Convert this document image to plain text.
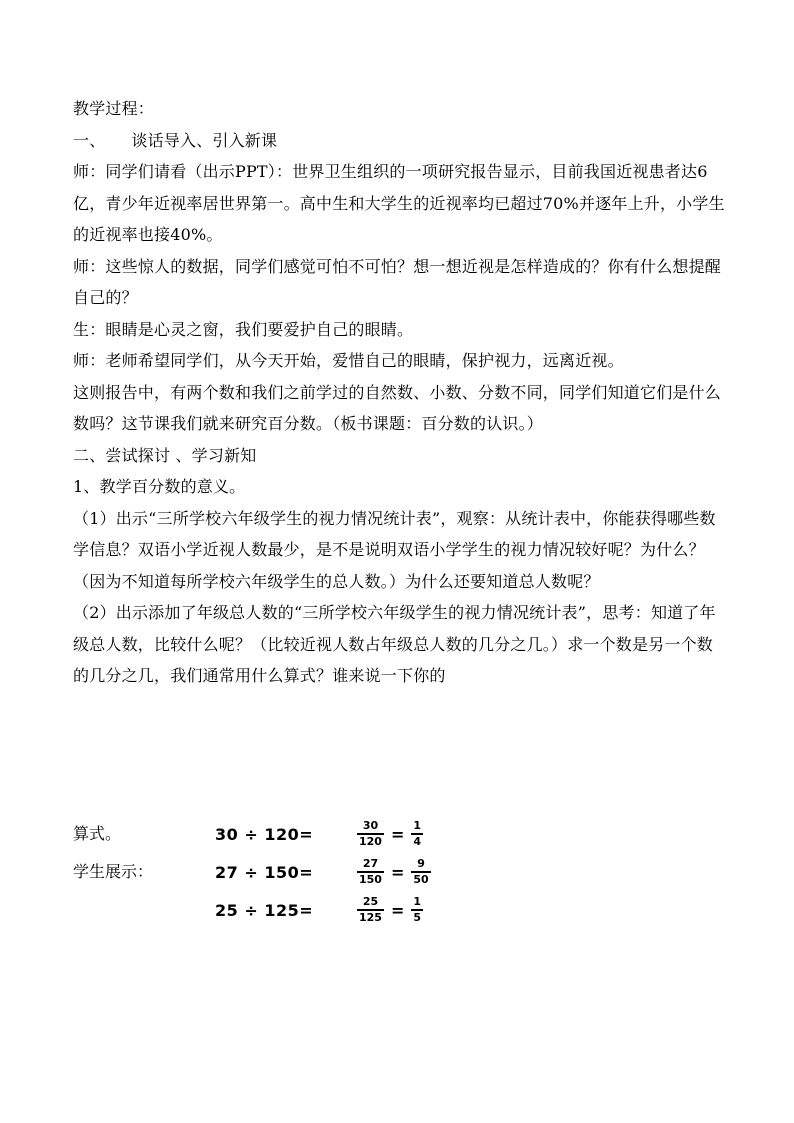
教学过程：

一、 谈话导入、引入新课

师：同学们请看（出示PPT）：世界卫生组织的一项研究报告显示，目前我国近视患者达6亿，青少年近视率居世界第一。高中生和大学生的近视率均已超过70%并逐年上升，小学生的近视率也接40%。

师：这些惊人的数据，同学们感觉可怕不可怕？想一想近视是怎样造成的？你有什么想提醒自己的？

生：眼睛是心灵之窗，我们要爱护自己的眼睛。

师：老师希望同学们，从今天开始，爱惜自己的眼睛，保护视力，远离近视。

这则报告中，有两个数和我们之前学过的自然数、小数、分数不同，同学们知道它们是什么数吗？这节课我们就来研究百分数。（板书课题：百分数的认识。）

二、尝试探讨 、学习新知

1、教学百分数的意义。

（1）出示“三所学校六年级学生的视力情况统计表”，观察：从统计表中，你能获得哪些数学信息？双语小学近视人数最少，是不是说明双语小学学生的视力情况较好呢？为什么？ （因为不知道每所学校六年级学生的总人数。）为什么还要知道总人数呢？

（2）出示添加了年级总人数的“三所学校六年级学生的视力情况统计表”，思考：知道了年级总人数，比较什么呢？（比较近视人数占年级总人数的几分之几。）求一个数是另一个数的几分之几，我们通常用什么算式？谁来说一下你的

算式。
学生展示：
30 ÷ 120=	$\frac{30}{120} = \frac{1}{4}$
27 ÷ 150=	$\frac{27}{150} = \frac{9}{50}$
25 ÷ 125=	$\frac{25}{125} = \frac{1}{5}$
